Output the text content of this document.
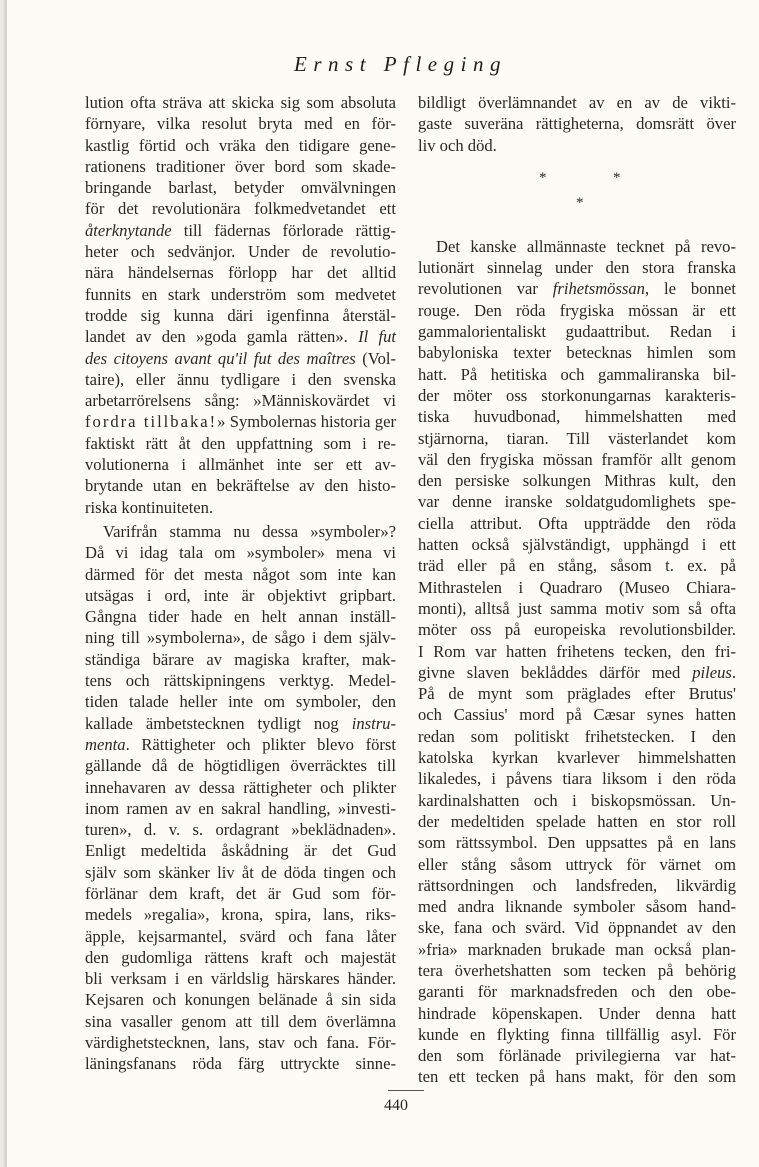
Ernst Pfleging
lution ofta sträva att skicka sig som absoluta
förnyare, vilka resolut bryta med en för-
kastlig förtid och vräka den tidigare gene-
rationens traditioner över bord som skade-
bringande barlast, betyder omvälvningen
för det revolutionära folkmedvetandet ett
återknytande till fädernas förlorade rättig-
heter och sedvänjor. Under de revolutio-
nära händelsernas förlopp har det alltid
funnits en stark underström som medvetet
trodde sig kunna däri igenfinna återstäl-
landet av den »goda gamla rätten». Il fut
des citoyens avant qu'il fut des maîtres (Vol-
taire), eller ännu tydligare i den svenska
arbetarrörelsens sång: »Människovärdet vi
fordra tillbaka!» Symbolernas historia ger
faktiskt rätt åt den uppfattning som i re-
volutionerna i allmänhet inte ser ett av-
brytande utan en bekräftelse av den histo-
riska kontinuiteten.
Varifrån stamma nu dessa »symboler»?
Då vi idag tala om »symboler» mena vi
därmed för det mesta något som inte kan
utsägas i ord, inte är objektivt gripbart.
Gångna tider hade en helt annan inställ-
ning till »symbolerna», de sågo i dem själv-
ständiga bärare av magiska krafter, mak-
tens och rättskipningens verktyg. Medel-
tiden talade heller inte om symboler, den
kallade ämbetstecknen tydligt nog instru-
menta. Rättigheter och plikter blevo först
gällande då de högtidligen överräcktes till
innehavaren av dessa rättigheter och plikter
inom ramen av en sakral handling, »investi-
turen», d. v. s. ordagrant »beklädnaden».
Enligt medeltida åskådning är det Gud
själv som skänker liv åt de döda tingen och
förlänar dem kraft, det är Gud som för-
medels »regalia», krona, spira, lans, riks-
äpple, kejsarmantel, svärd och fana låter
den gudomliga rättens kraft och majestät
bli verksam i en världslig härskares händer.
Kejsaren och konungen belänade å sin sida
sina vasaller genom att till dem överlämna
värdighetstecknen, lans, stav och fana. För-
läningsfanans röda färg uttryckte sinne-
bildligt överlämnandet av en av de vikti-
gaste suveräna rättigheterna, domsrätt över
liv och död.
*	*
*
Det kanske allmännaste tecknet på revo-
lutionärt sinnelag under den stora franska
revolutionen var frihetsmössan, le bonnet
rouge. Den röda frygiska mössan är ett
gammalorientaliskt gudaattribut. Redan i
babyloniska texter betecknas himlen som
hatt. På hetitiska och gammaliranska bil-
der möter oss storkonungarnas karakteris-
tiska huvudbonad, himmelshatten med
stjärnorna, tiaran. Till västerlandet kom
väl den frygiska mössan framför allt genom
den persiske solkungen Mithras kult, den
var denne iranske soldatgudomlighets spe-
ciella attribut. Ofta uppträdde den röda
hatten också självständigt, upphängd i ett
träd eller på en stång, såsom t. ex. på
Mithrastelen i Quadraro (Museo Chiara-
monti), alltså just samma motiv som så ofta
möter oss på europeiska revolutionsbilder.
I Rom var hatten frihetens tecken, den fri-
givne slaven beklåddes därför med pileus.
På de mynt som präglades efter Brutus'
och Cassius' mord på Cæsar synes hatten
redan som politiskt frihetstecken. I den
katolska kyrkan kvarlever himmelshatten
likaledes, i påvens tiara liksom i den röda
kardinalshatten och i biskopsmössan. Un-
der medeltiden spelade hatten en stor roll
som rättssymbol. Den uppsattes på en lans
eller stång såsom uttryck för värnet om
rättsordningen och landsfreden, likvärdig
med andra liknande symboler såsom hand-
ske, fana och svärd. Vid öppnandet av den
»fria» marknaden brukade man också plan-
tera överhetshatten som tecken på behörig
garanti för marknadsfreden och den obe-
hindrade köpenskapen. Under denna hatt
kunde en flykting finna tillfällig asyl. För
den som förlänade privilegierna var hat-
ten ett tecken på hans makt, för den som
440
